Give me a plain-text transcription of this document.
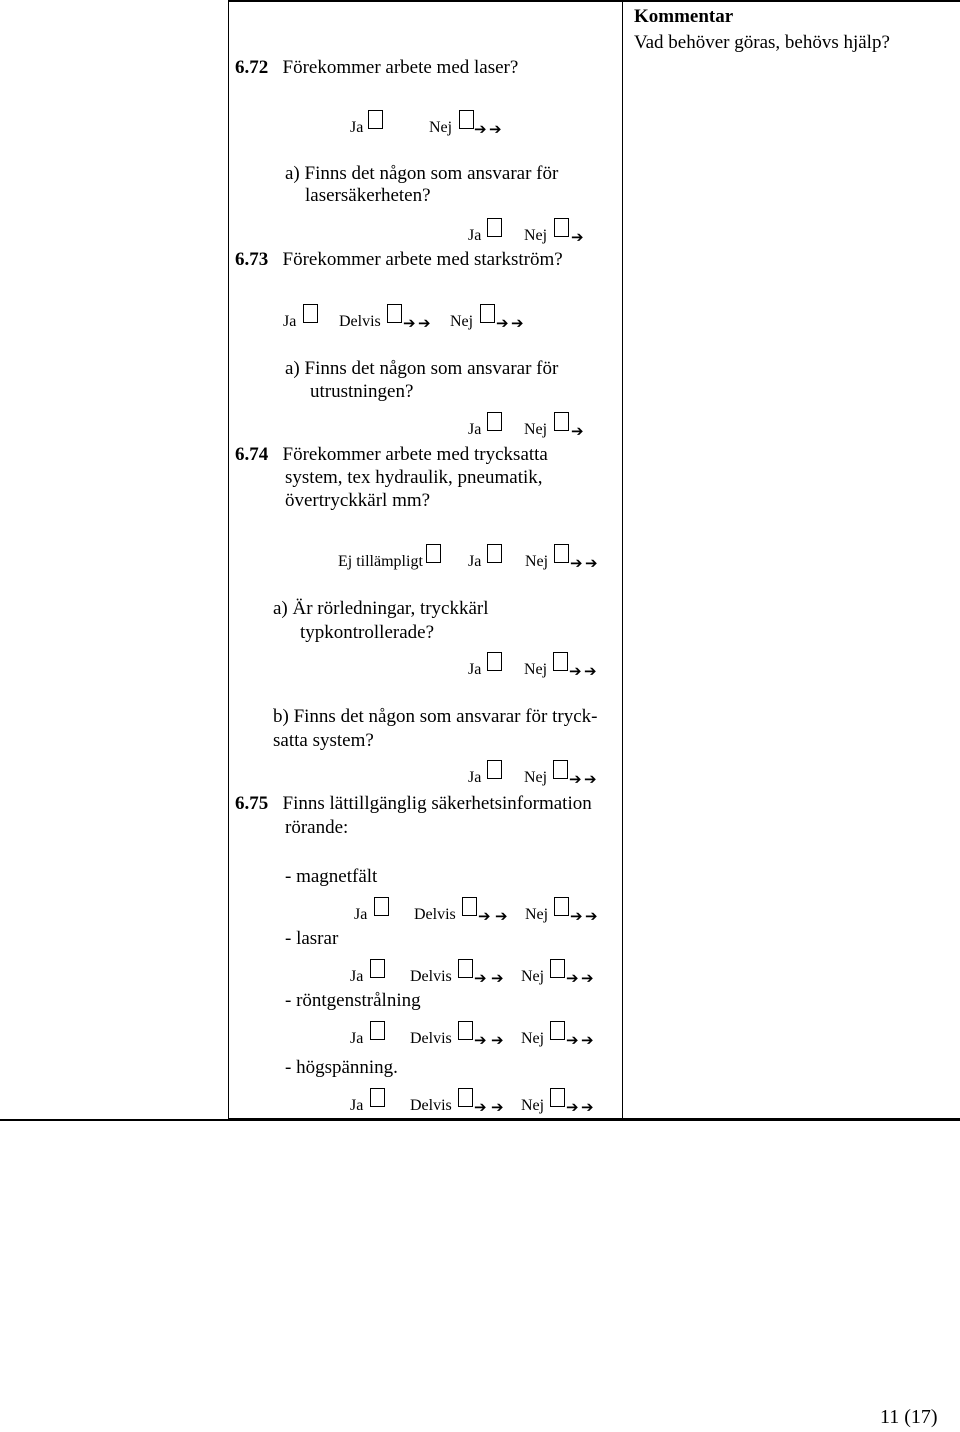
Kommentar
Vad behöver göras, behövs hjälp?
6.72 Förekommer arbete med laser?
Ja	Nej ➔ ➔
a) Finns det någon som ansvarar för
lasersäkerheten?
Ja	Nej ➔
6.73 Förekommer arbete med starkström?
Ja	Delvis ➔ ➔ Nej ➔ ➔
a) Finns det någon som ansvarar för
utrustningen?
Ja	Nej ➔
6.74 Förekommer arbete med trycksatta
system, tex hydraulik, pneumatik,
övertryckkärl mm?
Ej tillämpligt	Ja	Nej ➔ ➔
a) Är rörledningar, tryckkärl
typkontrollerade?
Ja	Nej ➔ ➔
b) Finns det någon som ansvarar för tryck-
satta system?
Ja	Nej ➔ ➔
6.75 Finns lättillgänglig säkerhetsinformation
rörande:
- magnetfält
Ja	Delvis ➔ ➔ Nej ➔ ➔
- lasrar
Ja	Delvis ➔ ➔ Nej ➔ ➔
- röntgenstrålning
Ja	Delvis ➔ ➔ Nej ➔ ➔
- högspänning.
Ja	Delvis ➔ ➔ Nej ➔ ➔
11 (17)
